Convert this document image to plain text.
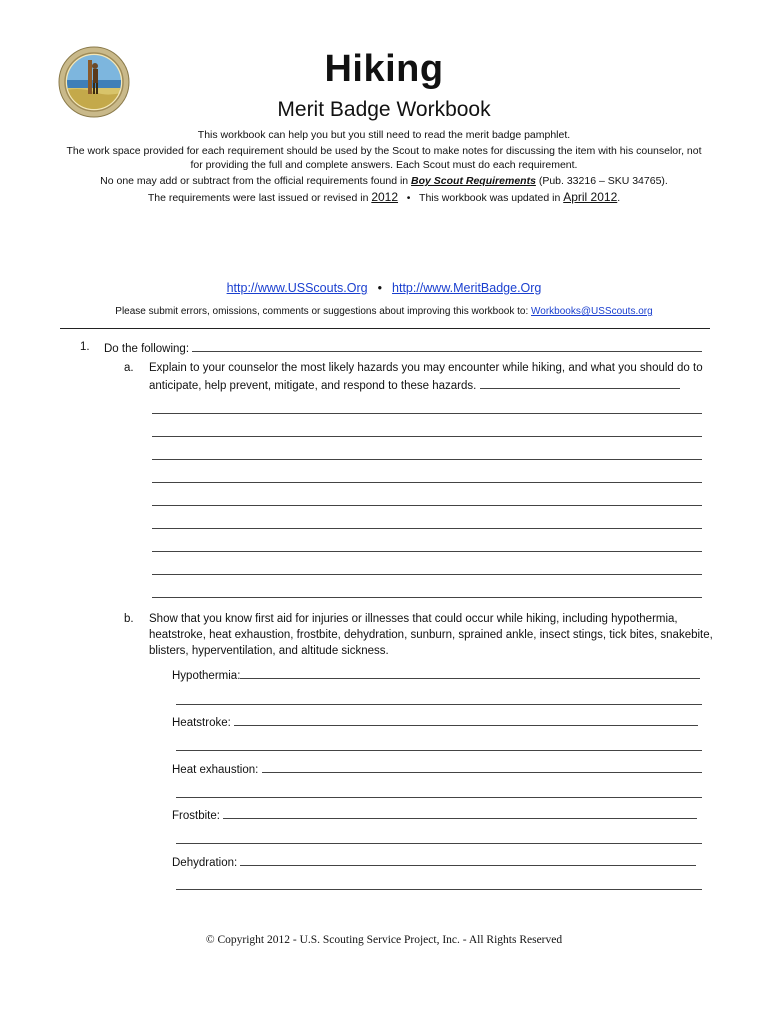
Hiking
Merit Badge Workbook

This workbook can help you but you still need to read the merit badge pamphlet.

The work space provided for each requirement should be used by the Scout to make notes for discussing the item with his counselor, not for providing the full and complete answers. Each Scout must do each requirement.

No one may add or subtract from the official requirements found in Boy Scout Requirements (Pub. 33216 – SKU 34765).

The requirements were last issued or revised in 2012 • This workbook was updated in April 2012.

http://www.USScouts.Org • http://www.MeritBadge.Org
Please submit errors, omissions, comments or suggestions about improving this workbook to: Workbooks@USScouts.org
1. Do the following:
a. Explain to your counselor the most likely hazards you may encounter while hiking, and what you should do to
anticipate, help prevent, mitigate, and respond to these hazards.
b. Show that you know first aid for injuries or illnesses that could occur while hiking, including hypothermia,
heatstroke, heat exhaustion, frostbite, dehydration, sunburn, sprained ankle, insect stings, tick bites, snakebite,
blisters, hyperventilation, and altitude sickness.
Hypothermia:
Heatstroke:
Heat exhaustion:
Frostbite:
Dehydration:
© Copyright 2012 - U.S. Scouting Service Project, Inc. - All Rights Reserved
